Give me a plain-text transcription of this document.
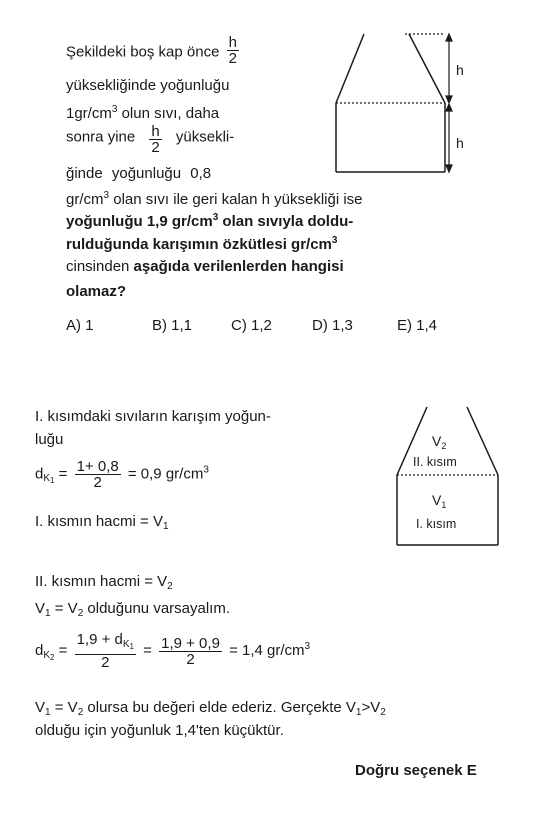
Şekildeki boş kap önce $\frac{h}{2}$
yüksekliğinde yoğunluğu
$1gr/cm^3$ olun sıvı, daha
sonra yine $\frac{h}{2}$ yüksekli-
ğinde yoğunluğu 0,8
$gr/cm^3$ olan sıvı ile geri kalan h yüksekliği ise
yoğunluğu 1,9 $gr/cm^3$ olan sıvıyla doldu-
rulduğunda karışımın özkütlesi $gr/cm^3$
cinsinden aşağıda verilenlerden hangisi
olamaz?
A) 1	B) 1,1	C) 1,2	D) 1,3	E) 1,4
h
h
I. kısımdaki sıvıların karışım yoğun-
luğu
$d_{K_1} = \frac{1+ 0,8}{2} = 0,9$ $gr/cm^3$
I. kısmın hacmi = $V_1$
II. kısmın hacmi = $V_2$
$V_1 = V_2$ olduğunu varsayalım.
$d_{K_2} = \frac{1,9 + d_{K_1}}{2} = \frac{1,9 + 0,9}{2} = 1,4$ $gr/cm^3$
$V_1 = V_2$ olursa bu değeri elde ederiz. Gerçekte $V_1>V_2$
olduğu için yoğunluk 1,4'ten küçüktür.
Doğru seçenek E
$V_2$
II. kısım
$V_1$
I. kısım
